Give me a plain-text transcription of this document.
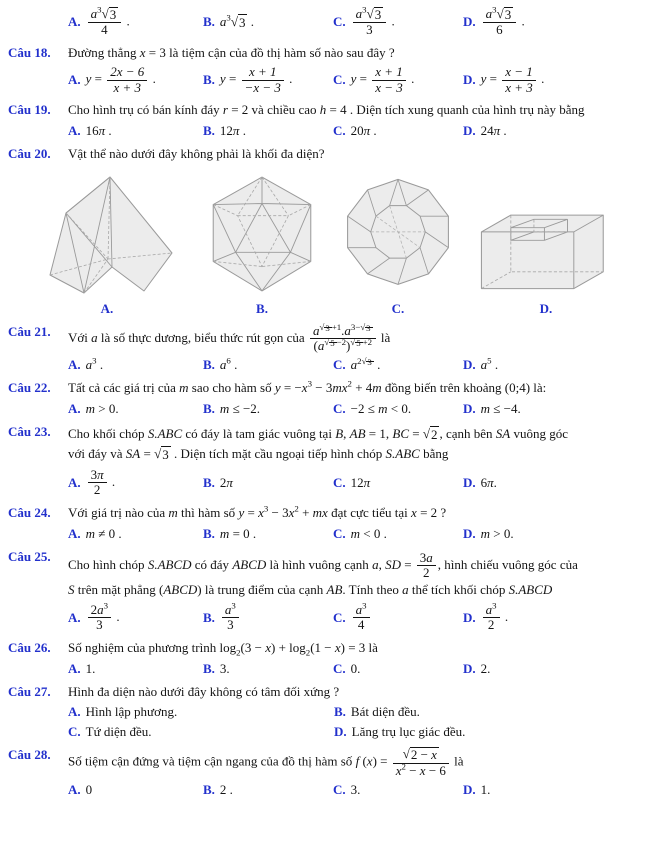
A. $\frac{a^3 √ 3}{4}$ .	B. $a^3$ √ 3 .	C. $\frac{a^3 √ 3}{3}$ .	D. $\frac{a^3 √ 3}{6}$ .
Câu 18.	Đường thẳng x = 3 là tiệm cận của đồ thị hàm số nào sau đây ?
A. $y = \frac{2x - 6}{x + 3}$ .	B. $y = \frac{x + 1}{-x - 3}$ .	C. $y = \frac{x + 1}{x - 3}$ .	D. $y = \frac{x - 1}{x + 3}$ .
Câu 19.	Cho hình trụ có bán kính đáy r = 2 và chiều cao h = 4 . Diện tích xung quanh của hình trụ này bằng
A. 16π .	B. 12π .	C. 20π .	D. 24π .
Câu 20.	Vật thể nào dưới đây không phải là khối đa diện?
A.	B.	C.	D.
Câu 21.	Với a là số thực dương, biểu thức rút gọn của $\frac{a ^{√ 3 +1}.a^{3- √ 3}}{(a ^{√ 5 -2}) ^{√ 5 +2}}$ là
A. $a^3$ .	B. $a^6$ .	C. $a^{2 √ 3}$ .	D. $a^5$ .
Câu 22.	Tất cả các giá trị của m sao cho hàm số $y = -x^3 - 3mx^2 + 4m$ đồng biến trên khoảng (0;4) là:
A. m > 0.	B. m ≤ −2.	C. −2 ≤ m < 0.	D. m ≤ −4.
Câu 23.	Cho khối chóp S.ABC có đáy là tam giác vuông tại B, AB = 1, BC = √ 2 , cạnh bên SA vuông góc
với đáy và SA = √ 3 . Diện tích mặt cầu ngoại tiếp hình chóp S.ABC bằng
A. $\frac{3\pi}{2}$ .	B. 2π	C. 12π	D. 6π.
Câu 24.	Với giá trị nào của m thì hàm số $y = x^3 - 3x^2$ + mx đạt cực tiểu tại x = 2 ?
A. m ≠ 0 .	B. m = 0 .	C. m < 0 .	D. m > 0.
Câu 25.
Cho hình chóp S.ABCD có đáy ABCD là hình vuông cạnh a, SD = $\frac{3a}{2}$ , hình chiếu vuông góc của
S trên mặt phẳng (ABCD) là trung điểm của cạnh AB. Tính theo a thể tích khối chóp S.ABCD
A. $\frac{2a^3}{3}$ .	B. $\frac{a^3}{3}$	C. $\frac{a^3}{4}$	D. $\frac{a^3}{2}$ .
Câu 26.	Số nghiệm của phương trình $\log_2(3 - x) + \log_2(1 - x) = 3$ là
A. 1.	B. 3.	C. 0.	D. 2.
Câu 27.	Hình đa diện nào dưới đây không có tâm đối xứng ?
A. Hình lập phương.	B. Bát diện đều.
C. Tứ diện đều.	D. Lăng trụ lục giác đều.
Câu 28.	Số tiệm cận đứng và tiệm cận ngang của đồ thị hàm số f $(x) = \frac{√ 2 - x}{x^2 - x - 6}$ là
A. 0	B. 2 .	C. 3.	D. 1.
